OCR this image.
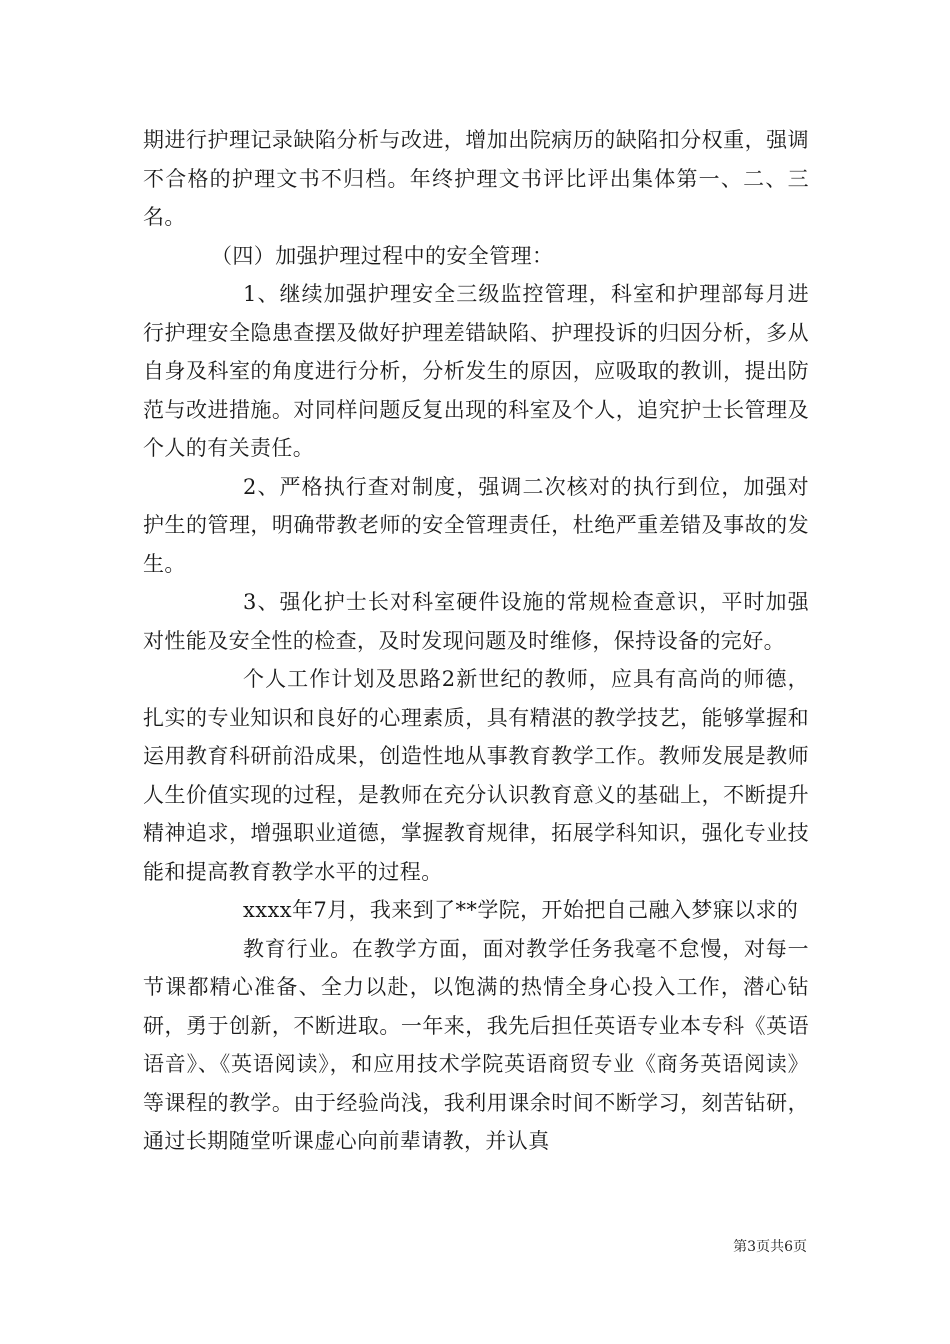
期进行护理记录缺陷分析与改进，增加出院病历的缺陷扣分权重，强调不合格的护理文书不归档。年终护理文书评比评出集体第一、二、三名。

（四）加强护理过程中的安全管理：

1、继续加强护理安全三级监控管理，科室和护理部每月进行护理安全隐患查摆及做好护理差错缺陷、护理投诉的归因分析，多从自身及科室的角度进行分析，分析发生的原因，应吸取的教训，提出防范与改进措施。对同样问题反复出现的科室及个人，追究护士长管理及个人的有关责任。

2、严格执行查对制度，强调二次核对的执行到位，加强对护生的管理，明确带教老师的安全管理责任，杜绝严重差错及事故的发生。

3、强化护士长对科室硬件设施的常规检查意识，平时加强对性能及安全性的检查，及时发现问题及时维修，保持设备的完好。

个人工作计划及思路2新世纪的教师，应具有高尚的师德，扎实的专业知识和良好的心理素质，具有精湛的教学技艺，能够掌握和运用教育科研前沿成果，创造性地从事教育教学工作。教师发展是教师人生价值实现的过程，是教师在充分认识教育意义的基础上，不断提升精神追求，增强职业道德，掌握教育规律，拓展学科知识，强化专业技能和提高教育教学水平的过程。

xxxx年7月，我来到了**学院，开始把自己融入梦寐以求的

教育行业。在教学方面，面对教学任务我毫不怠慢，对每一节课都精心准备、全力以赴，以饱满的热情全身心投入工作，潜心钻研，勇于创新，不断进取。一年来，我先后担任英语专业本专科《英语语音》、《英语阅读》，和应用技术学院英语商贸专业《商务英语阅读》等课程的教学。由于经验尚浅，我利用课余时间不断学习，刻苦钻研，通过长期随堂听课虚心向前辈请教，并认真

第3页共6页
